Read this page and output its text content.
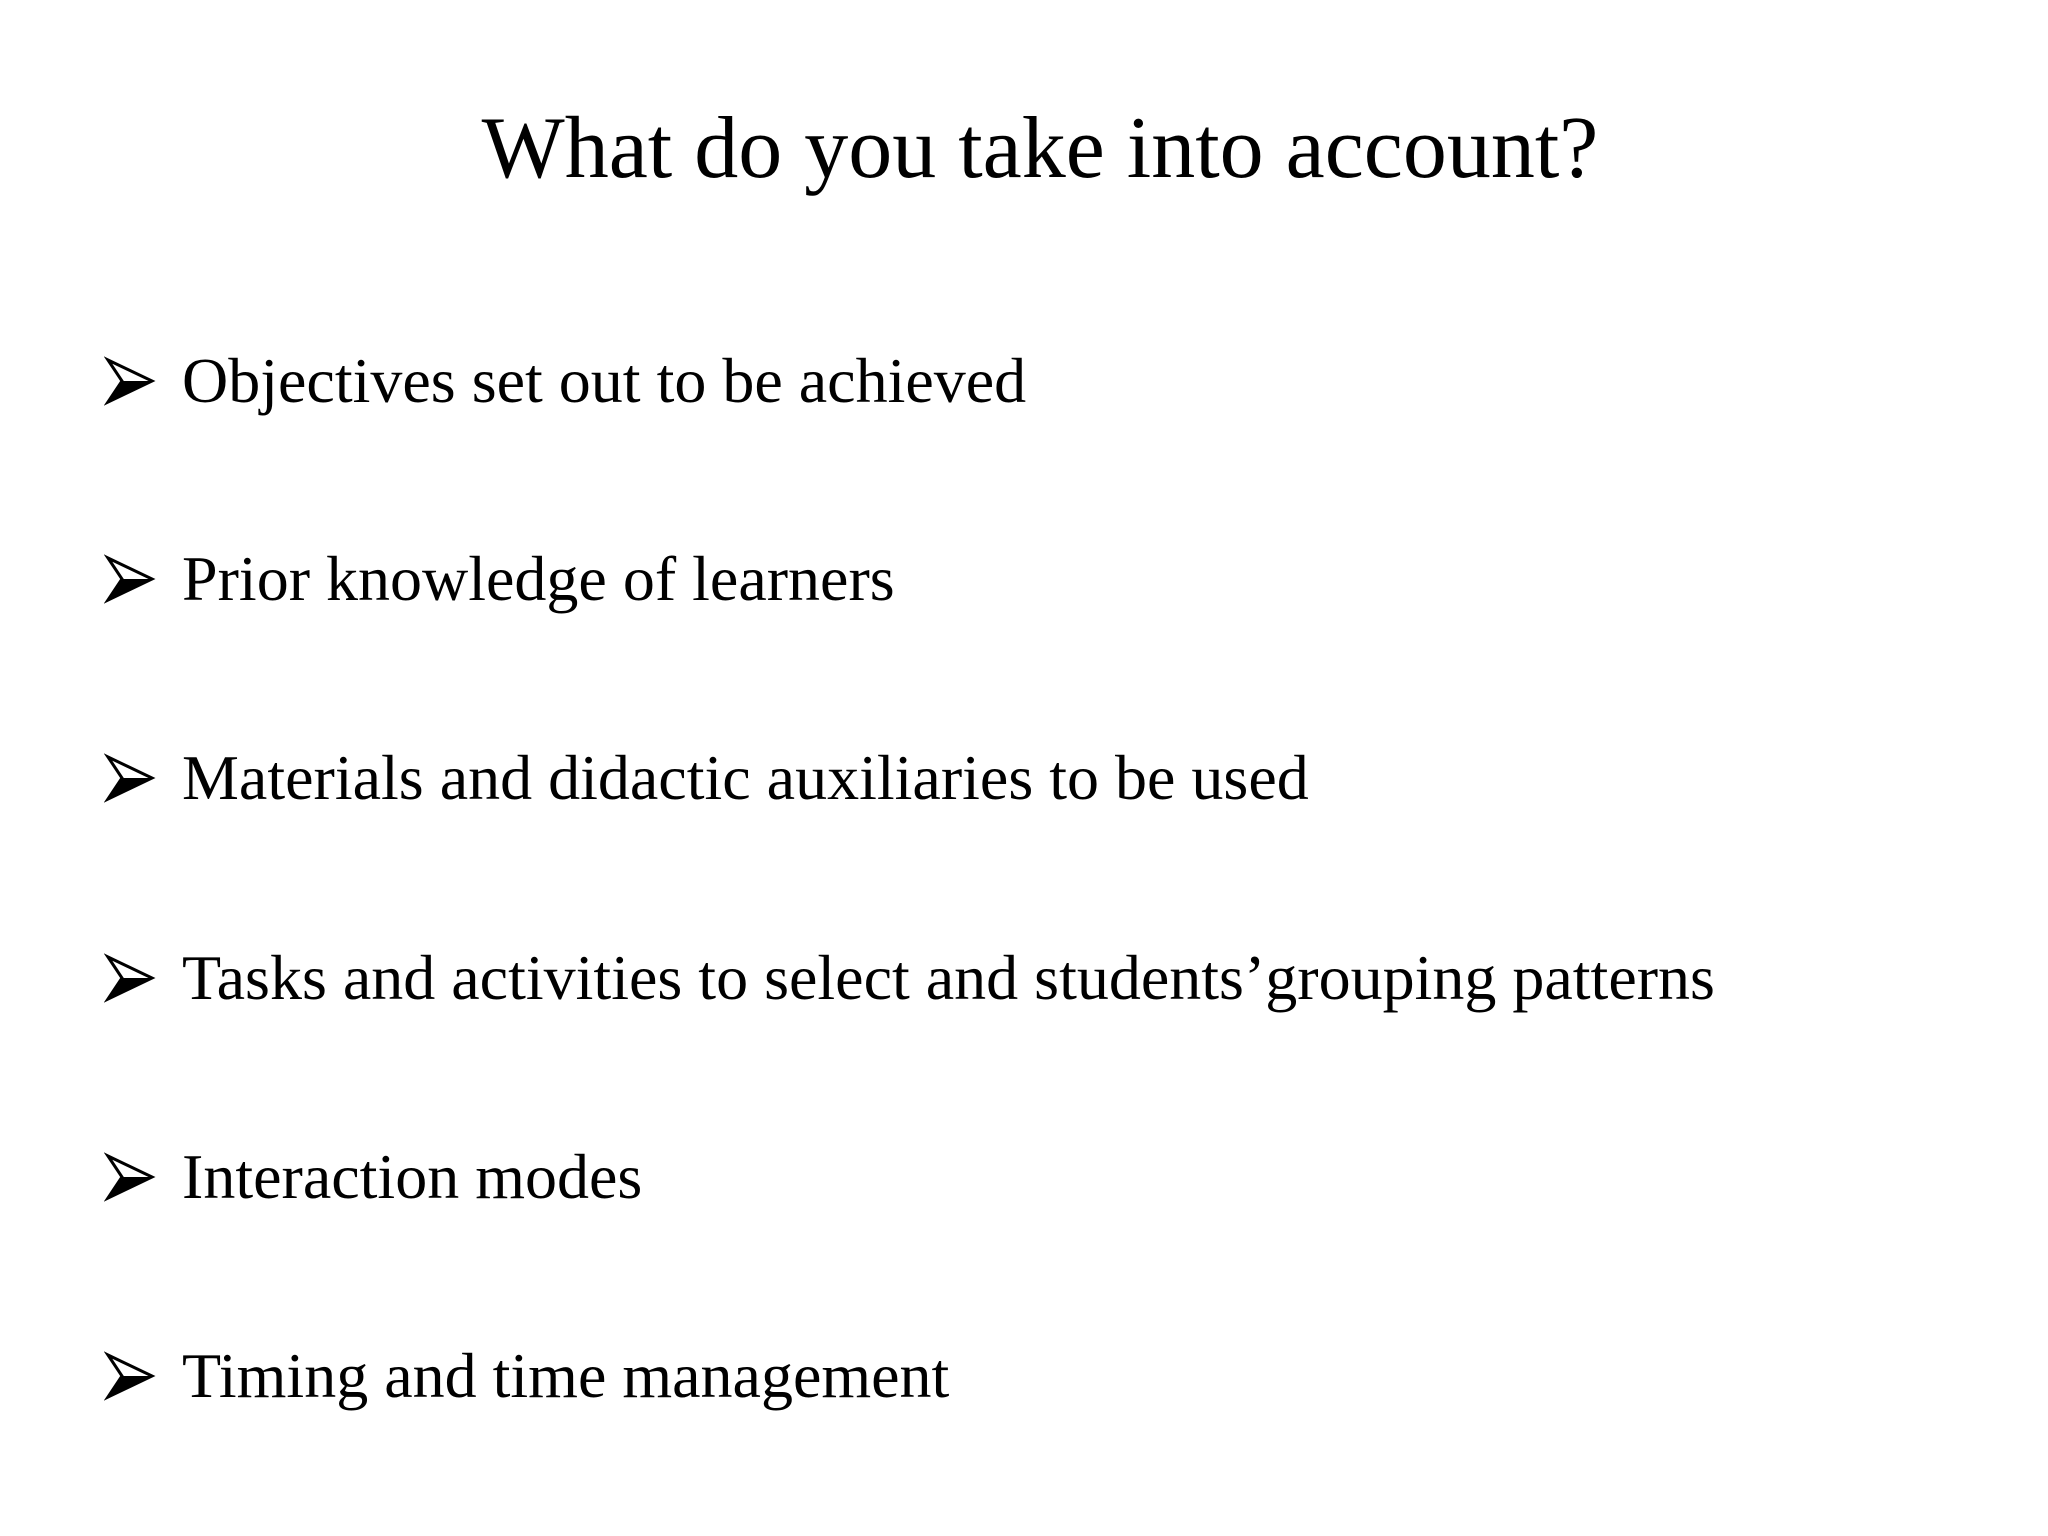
What do you take into account?
Objectives set out to be achieved
Prior knowledge of learners
Materials and didactic auxiliaries to be used
Tasks and activities to select and students’grouping patterns
Interaction modes
Timing and time management
